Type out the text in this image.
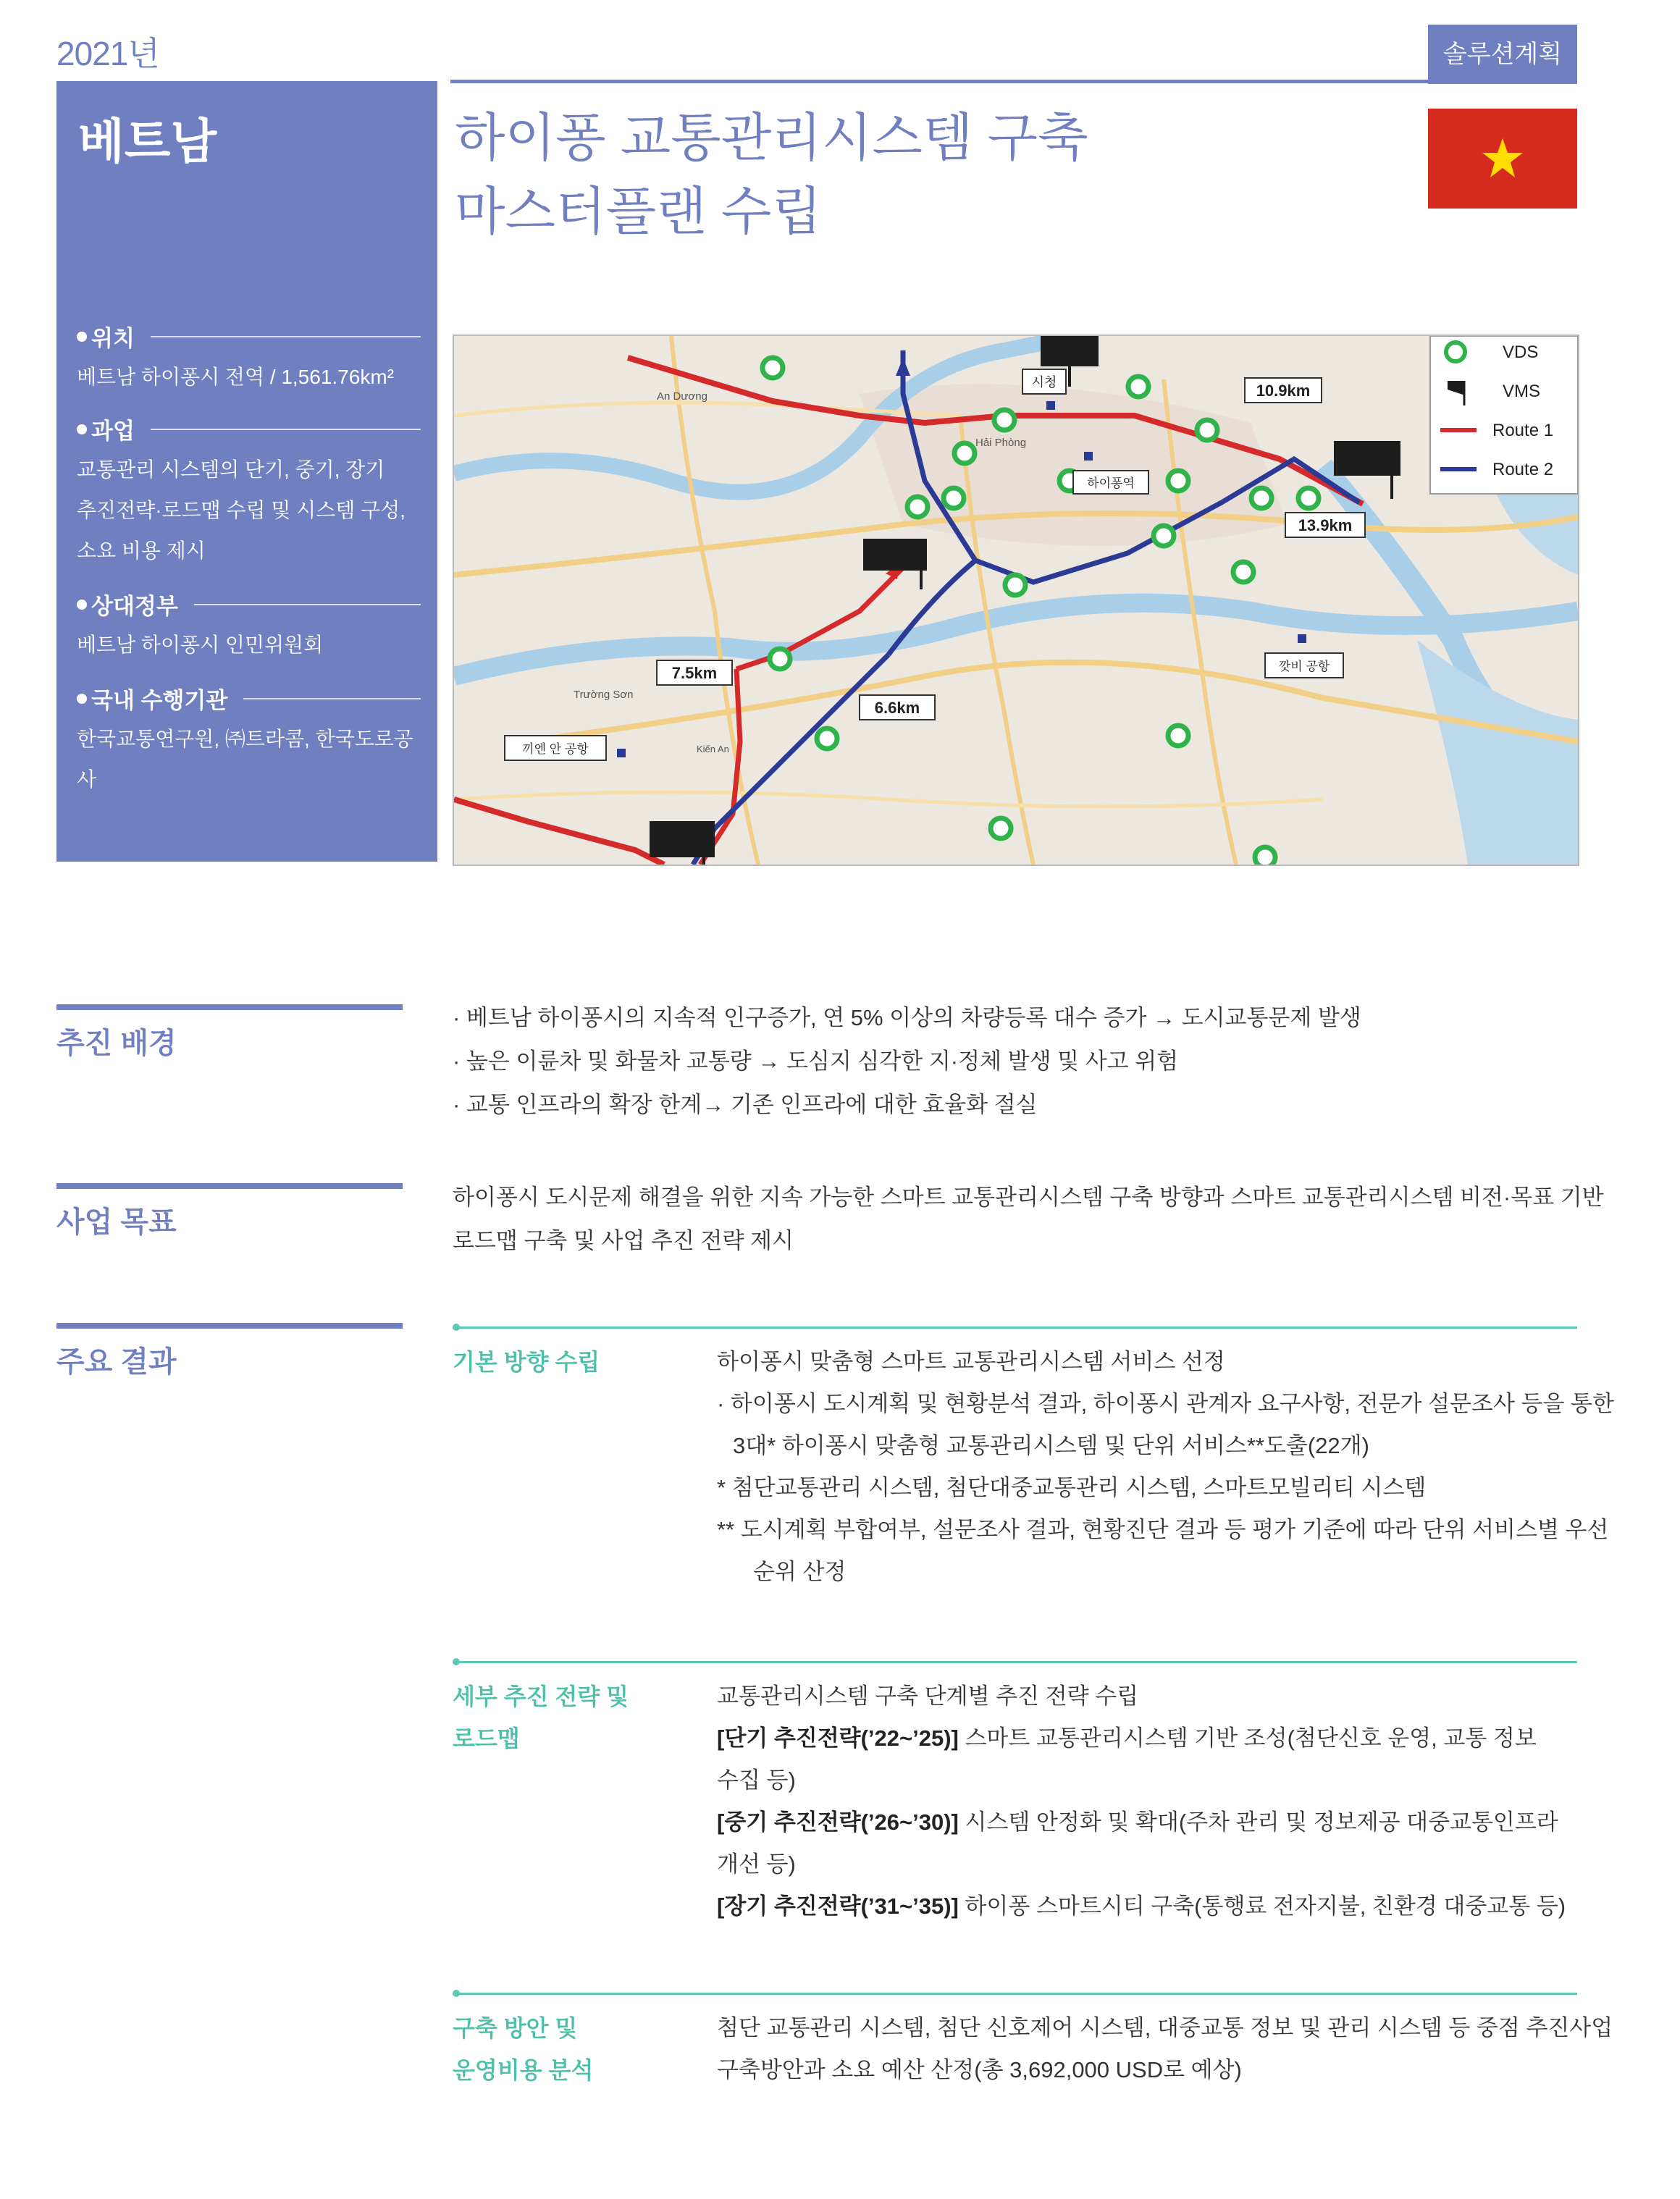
2021년	솔루션계획
베트남
위치
베트남 하이퐁시 전역 / 1,561.76km²
과업
교통관리 시스템의 단기, 중기, 장기
추진전략·로드맵 수립 및 시스템 구성,
소요 비용 제시
상대정부
베트남 하이퐁시 인민위원회
국내 수행기관
한국교통연구원, ㈜트라콤, 한국도로공사
하이퐁 교통관리시스템 구축
마스터플랜 수립
An Dương
Hải Phòng
Trường Sơn
Kiến An
시청
하이퐁역
깟비 공항
끼엔 안 공항
10.9km
13.9km
7.5km
6.6km
VDS
VMS
Route 1
Route 2
추진 배경
· 베트남 하이퐁시의 지속적 인구증가, 연 5% 이상의 차량등록 대수 증가 → 도시교통문제 발생
· 높은 이륜차 및 화물차 교통량 → 도심지 심각한 지·정체 발생 및 사고 위험
· 교통 인프라의 확장 한계→ 기존 인프라에 대한 효율화 절실
사업 목표
하이퐁시 도시문제 해결을 위한 지속 가능한 스마트 교통관리시스템 구축 방향과 스마트 교통관리시스템 비전·목표 기반
로드맵 구축 및 사업 추진 전략 제시
주요 결과	기본 방향 수립	하이퐁시 맞춤형 스마트 교통관리시스템 서비스 선정
· 하이퐁시 도시계획 및 현황분석 결과, 하이퐁시 관계자 요구사항, 전문가 설문조사 등을 통한
3대* 하이퐁시 맞춤형 교통관리시스템 및 단위 서비스**도출(22개)
* 첨단교통관리 시스템, 첨단대중교통관리 시스템, 스마트모빌리티 시스템
** 도시계획 부합여부, 설문조사 결과, 현황진단 결과 등 평가 기준에 따라 단위 서비스별 우선
순위 산정
세부 추진 전략 및
로드맵
교통관리시스템 구축 단계별 추진 전략 수립
[단기 추진전략(’22~’25)] 스마트 교통관리시스템 기반 조성(첨단신호 운영, 교통 정보
수집 등)
[중기 추진전략(’26~’30)] 시스템 안정화 및 확대(주차 관리 및 정보제공 대중교통인프라
개선 등)
[장기 추진전략(’31~’35)] 하이퐁 스마트시티 구축(통행료 전자지불, 친환경 대중교통 등)
구축 방안 및
운영비용 분석
첨단 교통관리 시스템, 첨단 신호제어 시스템, 대중교통 정보 및 관리 시스템 등 중점 추진사업
구축방안과 소요 예산 산정(총 3,692,000 USD로 예상)
